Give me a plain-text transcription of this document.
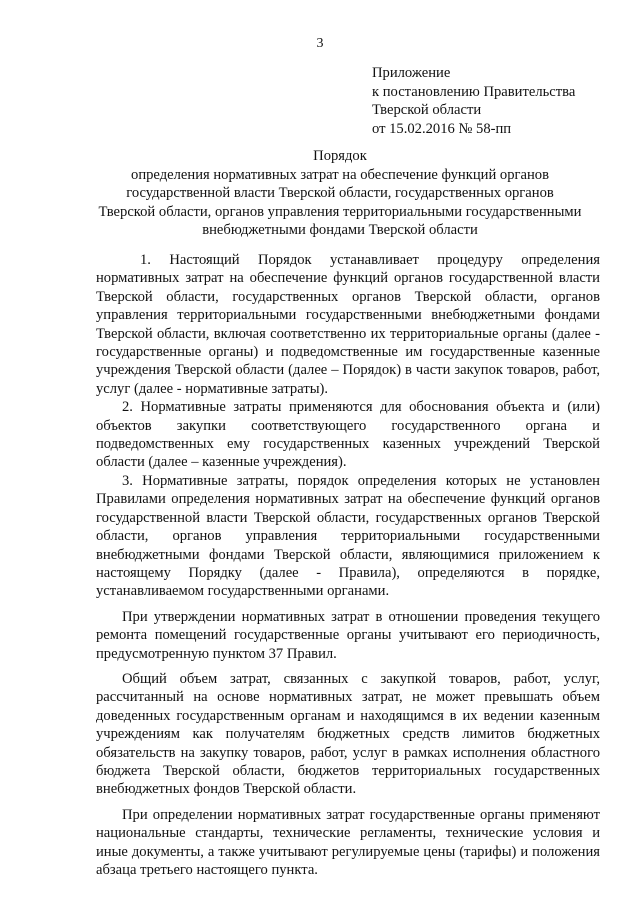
3
Приложение
к постановлению Правительства
Тверской области
от 15.02.2016 № 58-пп
Порядок
определения нормативных затрат на обеспечение функций органов
государственной власти Тверской области, государственных органов
Тверской области, органов управления территориальными государственными
внебюджетными фондами Тверской области

1. Настоящий Порядок устанавливает процедуру определения нормативных затрат на обеспечение функций органов государственной власти Тверской области, государственных органов Тверской области, органов управления территориальными государственными внебюджетными фондами Тверской области, включая соответственно их территориальные органы (далее - государственные органы) и подведомственные им государственные казенные учреждения Тверской области (далее – Порядок) в части закупок товаров, работ, услуг (далее - нормативные затраты).

2. Нормативные затраты применяются для обоснования объекта и (или) объектов закупки соответствующего государственного органа и подведомственных ему государственных казенных учреждений Тверской области (далее – казенные учреждения).

3. Нормативные затраты, порядок определения которых не установлен Правилами определения нормативных затрат на обеспечение функций органов государственной власти Тверской области, государственных органов Тверской области, органов управления территориальными государственными внебюджетными фондами Тверской области, являющимися приложением к настоящему Порядку (далее - Правила), определяются в порядке, устанавливаемом государственными органами.

При утверждении нормативных затрат в отношении проведения текущего ремонта помещений государственные органы учитывают его периодичность, предусмотренную пунктом 37 Правил.

Общий объем затрат, связанных с закупкой товаров, работ, услуг, рассчитанный на основе нормативных затрат, не может превышать объем доведенных государственным органам и находящимся в их ведении казенным учреждениям как получателям бюджетных средств лимитов бюджетных обязательств на закупку товаров, работ, услуг в рамках исполнения областного бюджета Тверской области, бюджетов территориальных государственных внебюджетных фондов Тверской области.

При определении нормативных затрат государственные органы применяют национальные стандарты, технические регламенты, технические условия и иные документы, а также учитывают регулируемые цены (тарифы) и положения абзаца третьего настоящего пункта.
